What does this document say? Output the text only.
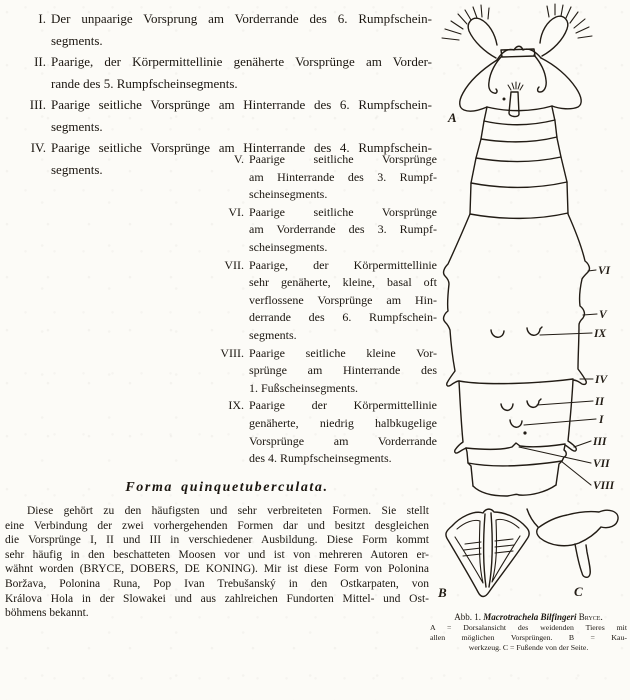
I. Der unpaarige Vorsprung am Vorderrande des 6. Rumpfschein-
segments.
II. Paarige, der Körpermittellinie genäherte Vorsprünge am Vorder-
rande des 5. Rumpfscheinsegments.
III. Paarige seitliche Vorsprünge am Hinterrande des 6. Rumpfschein-
segments.
IV. Paarige seitliche Vorsprünge am Hinterrande des 4. Rumpfschein-
segments.
V. Paarige seitliche Vorsprünge
am Hinterrande des 3. Rumpf-
scheinsegments.
VI. Paarige seitliche Vorsprünge
am Vorderrande des 3. Rumpf-
scheinsegments.
VII. Paarige, der Körpermittellinie
sehr genäherte, kleine, basal oft
verflossene Vorsprünge am Hin-
derrande des 6. Rumpfschein-
segments.
VIII. Paarige seitliche kleine Vor-
sprünge am Hinterrande des
1. Fußscheinsegments.
IX. Paarige der Körpermittellinie
genäherte, niedrig halbkugelige
Vorsprünge am Vorderrande
des 4. Rumpfscheinsegments.
Forma quinquetuberculata.
Diese gehört zu den häufigsten und sehr verbreiteten Formen. Sie stellt
eine Verbindung der zwei vorhergehenden Formen dar und besitzt desgleichen
die Vorsprünge I, II und III in verschiedener Ausbildung. Diese Form kommt
sehr häufig in den beschatteten Moosen vor und ist von mehreren Autoren er-
wähnt worden (BRYCE, DOBERS, DE KONING). Mir ist diese Form von Polonina
Boržava, Polonina Runa, Pop Ivan Trebušanský in den Ostkarpaten, von
Králova Hola in der Slowakei und aus zahlreichen Fundorten Mittel- und Ost-
böhmens bekannt.
VI
V
IX
IV
II
I
III
VII
VIII
A
B	C
Abb. 1. Macrotrachela Bilfingeri Bryce.
A = Dorsalansicht des weidenden Tieres mit
allen möglichen Vorsprüngen. B = Kau-
werkzeug. C = Fußende von der Seite.
